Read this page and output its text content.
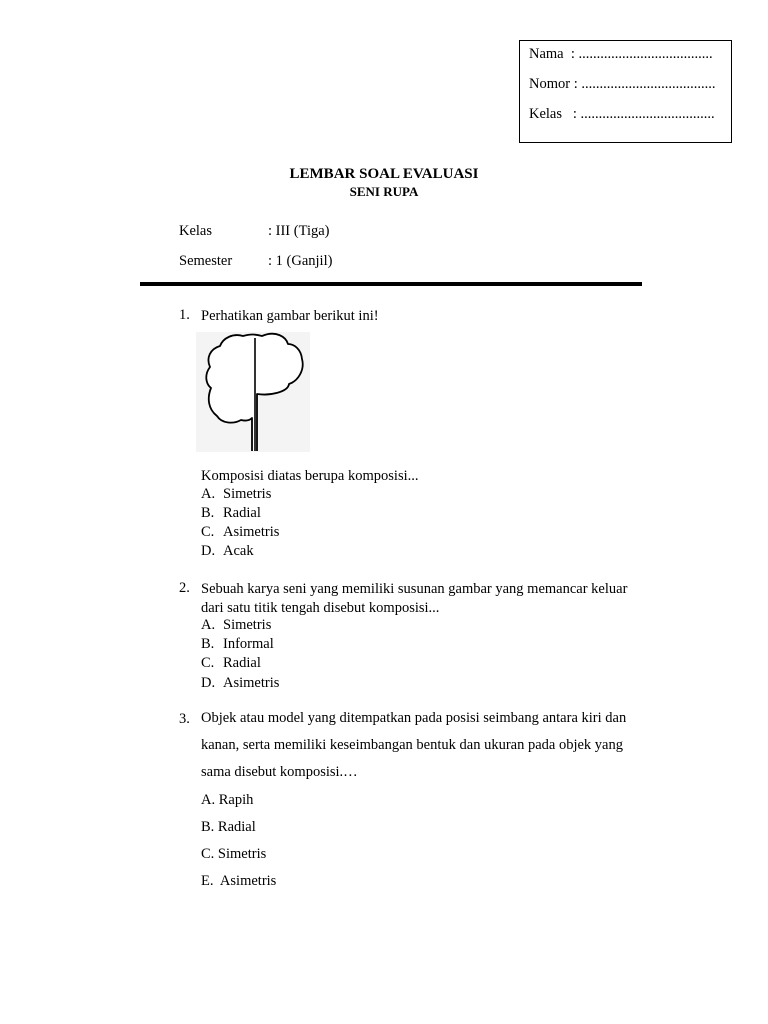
Nama  : .....................................
Nomor : .....................................
Kelas   : .....................................
LEMBAR SOAL EVALUASI
SENI RUPA
Kelas	: III (Tiga)
Semester : 1 (Ganjil)
1. Perhatikan gambar berikut ini!
Komposisi diatas berupa komposisi...
A. Simetris
B. Radial
C. Asimetris
D. Acak
2. Sebuah karya seni yang memiliki susunan gambar yang memancar keluar dari satu titik tengah disebut komposisi...
A. Simetris
B. Informal
C. Radial
D. Asimetris
3. Objek atau model yang ditempatkan pada posisi seimbang antara kiri dan kanan, serta memiliki keseimbangan bentuk dan ukuran pada objek yang sama disebut komposisi.…
A. Rapih
B. Radial
C. Simetris
E.  Asimetris
